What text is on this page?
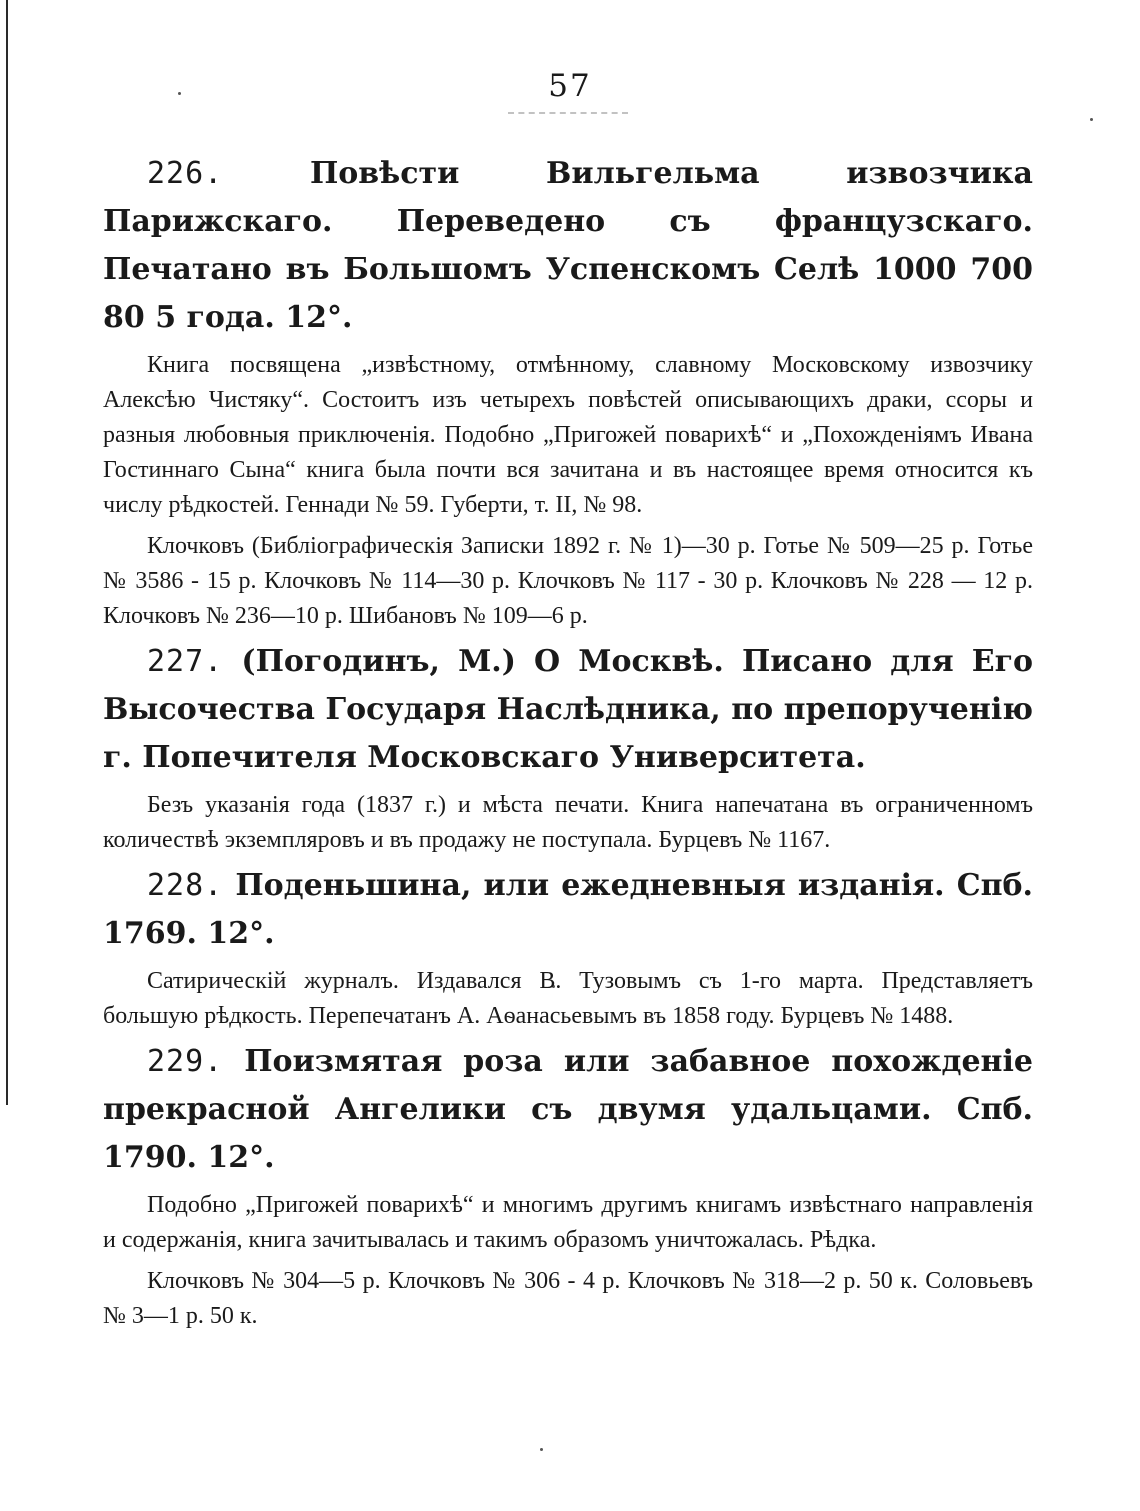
57

226.	Повѣсти Вильгельма извозчика Парижскаго. Переведено съ французскаго. Печатано въ Большомъ Успенскомъ Селѣ 1000 700 80 5 года. 12°.

Книга посвящена „извѣстному, отмѣнному, славному Московскому извозчику Алексѣю Чистяку“. Состоитъ изъ четырехъ повѣстей описывающихъ драки, ссоры и разныя любовныя приключенія. Подобно „Пригожей поварихѣ“ и „Похожденіямъ Ивана Гостиннаго Сына“ книга была почти вся зачитана и въ настоящее время относится къ числу рѣдкостей. Геннади № 59. Губерти, т. II, № 98.

Клочковъ (Библіографическія Записки 1892 г. № 1)—30 р. Готье № 509—25 р. Готье № 3586 - 15 р. Клочковъ № 114—30 р. Клочковъ № 117 - 30 р. Клочковъ № 228 — 12 р. Клочковъ № 236—10 р. Шибановъ № 109—6 р.

227. (Погодинъ, М.) О Москвѣ. Писано для Его Высочества Государя Наслѣдника, по препорученію г. Попечителя Московскаго Университета.

Безъ указанія года (1837 г.) и мѣста печати. Книга напечатана въ ограниченномъ количествѣ экземпляровъ и въ продажу не поступала. Бурцевъ № 1167.

228. Поденьшина, или ежедневныя изданія. Спб. 1769. 12°.

Сатирическій журналъ. Издавался В. Тузовымъ съ 1-го марта. Представляетъ большую рѣдкость. Перепечатанъ А. Аѳанасьевымъ въ 1858 году. Бурцевъ № 1488.

229. Поизмятая роза или забавное похожденіе прекрасной Ангелики съ двумя удальцами. Спб. 1790. 12°.

Подобно „Пригожей поварихѣ“ и многимъ другимъ книгамъ извѣстнаго направленія и содержанія, книга зачитывалась и такимъ образомъ уничтожалась. Рѣдка.

Клочковъ № 304—5 р. Клочковъ № 306 - 4 р. Клочковъ № 318—2 р. 50 к. Соловьевъ № 3—1 р. 50 к.
